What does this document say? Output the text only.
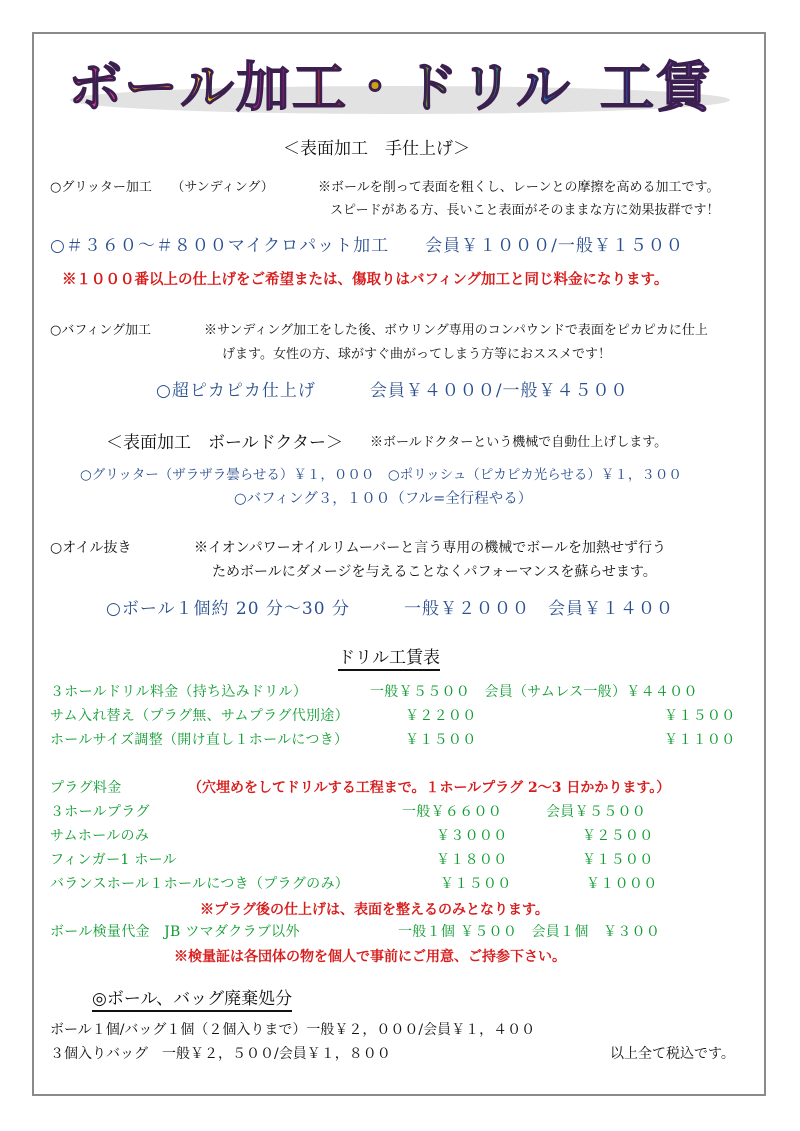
ボ ー ル 加 工 ・ ド リ ル 工 賃
＜表面加工　手仕上げ＞
○グリッター加工　　（サンディング）	※ボールを削って表面を粗くし、レーンとの摩擦を高める加工です。
スピードがある方、長いこと表面がそのままな方に効果抜群です！
○＃３６０〜＃８００マイクロパット加工　　会員￥１０００/一般￥１５００
※１０００番以上の仕上げをご希望または、傷取りはバフィング加工と同じ料金になります。
○バフィング加工	※サンディング加工をした後、ボウリング専用のコンパウンドで表面をピカピカに仕上
げます。女性の方、球がすぐ曲がってしまう方等におススメです！
○超ピカピカ仕上げ　　　会員￥４０００/一般￥４５００
＜表面加工　ボールドクター＞ ※ボールドクターという機械で自動仕上げします。
○グリッター（ザラザラ曇らせる）￥１，０００　○ポリッシュ（ピカピカ光らせる）￥１，３００
○バフィング３，１００（フル=全行程やる）
○オイル抜き	※イオンパワーオイルリムーバーと言う専用の機械でボールを加熱せず行う
ためボールにダメージを与えることなくパフォーマンスを蘇らせます。
○ボール１個約 20 分〜30 分　　　一般￥２０００　会員￥１４００
ドリル工賃表
３ホールドリル料金（持ち込みドリル）	一般￥５５００　会員（サムレス一般）￥４４００
サム入れ替え（プラグ無、サムプラグ代別途）	￥２２００	￥１５００
ホールサイズ調整（開け直し１ホールにつき）	￥１５００	￥１１００
プラグ料金	（穴埋めをしてドリルする工程まで。１ホールプラグ 2〜3 日かかります。）
３ホールプラグ	一般￥６６００	会員￥５５００
サムホールのみ	￥３０００	￥２５００
フィンガー1 ホール	￥１８００	￥１５００
バランスホール１ホールにつき（プラグのみ）	￥１５００	￥１０００
※プラグ後の仕上げは、表面を整えるのみとなります。
ボール検量代金　JB ツマダクラブ以外	一般１個 ￥５００　会員１個　￥３００
※検量証は各団体の物を個人で事前にご用意、ご持参下さい。
◎ボール、バッグ廃棄処分
ボール１個/バッグ１個（２個入りまで）一般￥２，０００/会員￥１，４００
３個入りバッグ　一般￥２，５００/会員￥１，８００	以上全て税込です。
